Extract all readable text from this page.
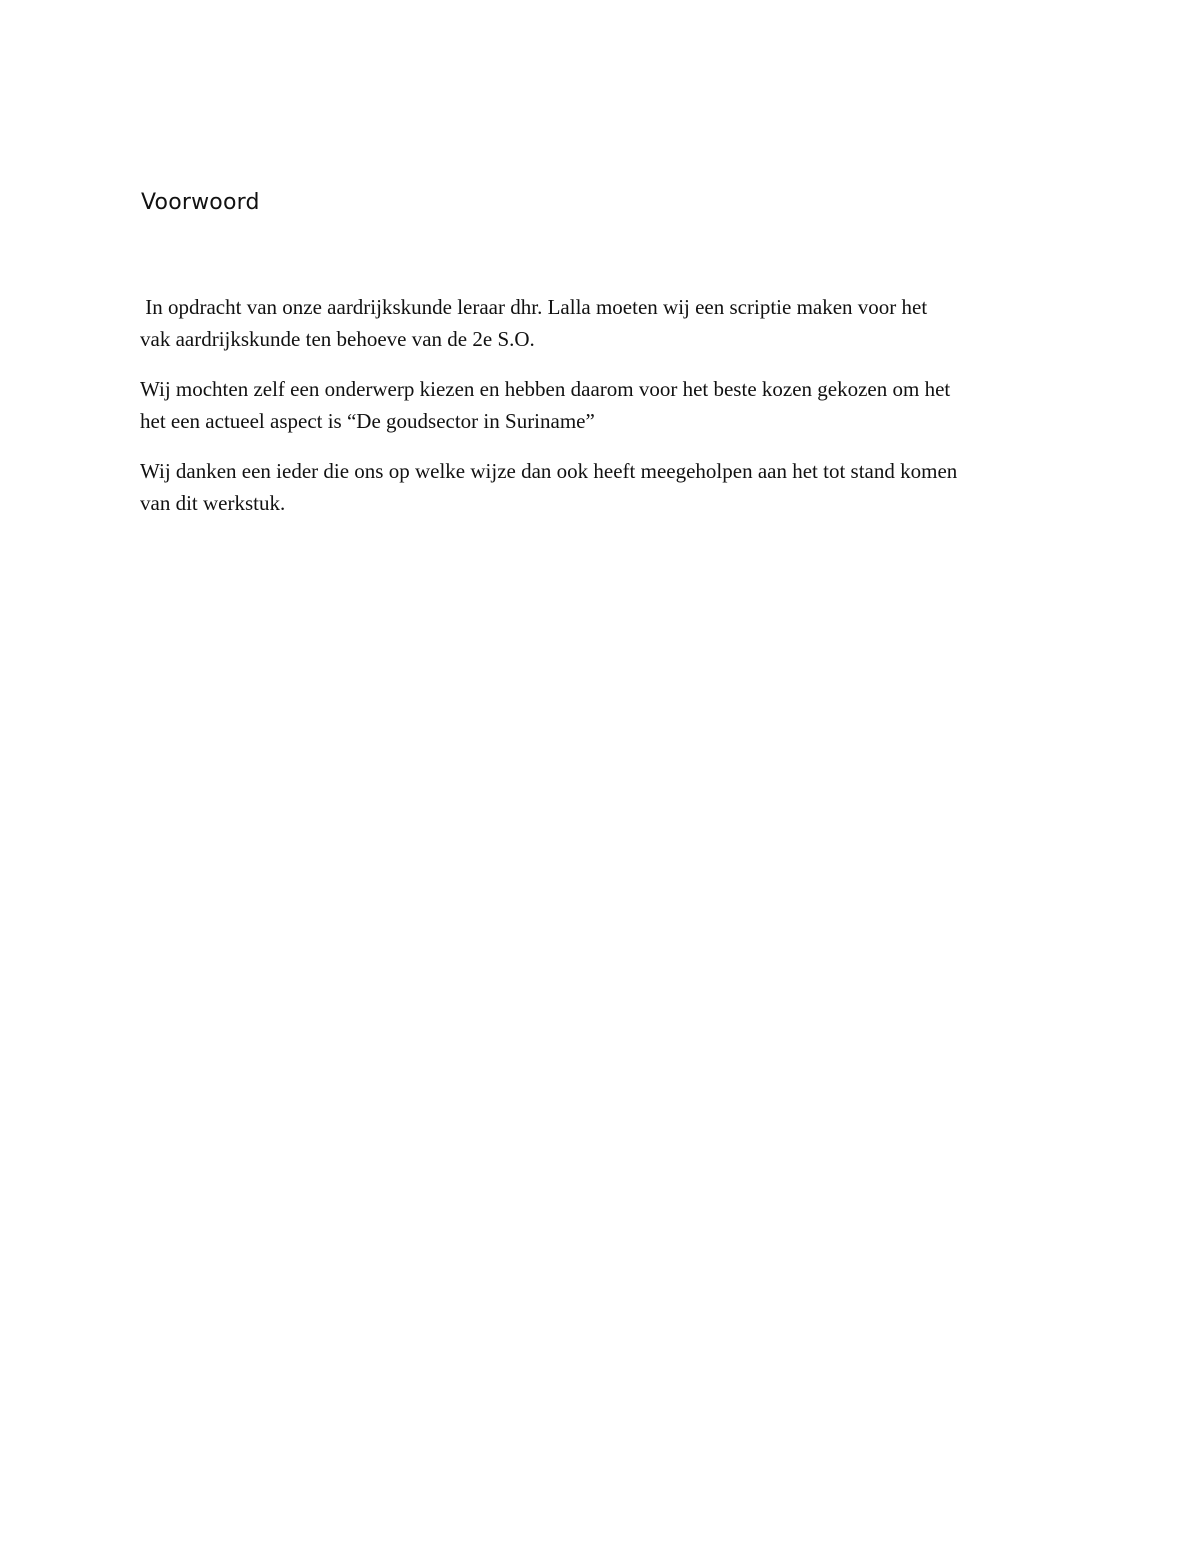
Voorwoord

In opdracht van onze aardrijkskunde leraar dhr. Lalla moeten wij een scriptie maken voor het
vak aardrijkskunde ten behoeve van de 2e S.O.

Wij mochten zelf een onderwerp kiezen en hebben daarom voor het beste kozen gekozen om het
het een actueel aspect is “De goudsector in Suriname”

Wij danken een ieder die ons op welke wijze dan ook heeft meegeholpen aan het tot stand komen
van dit werkstuk.
